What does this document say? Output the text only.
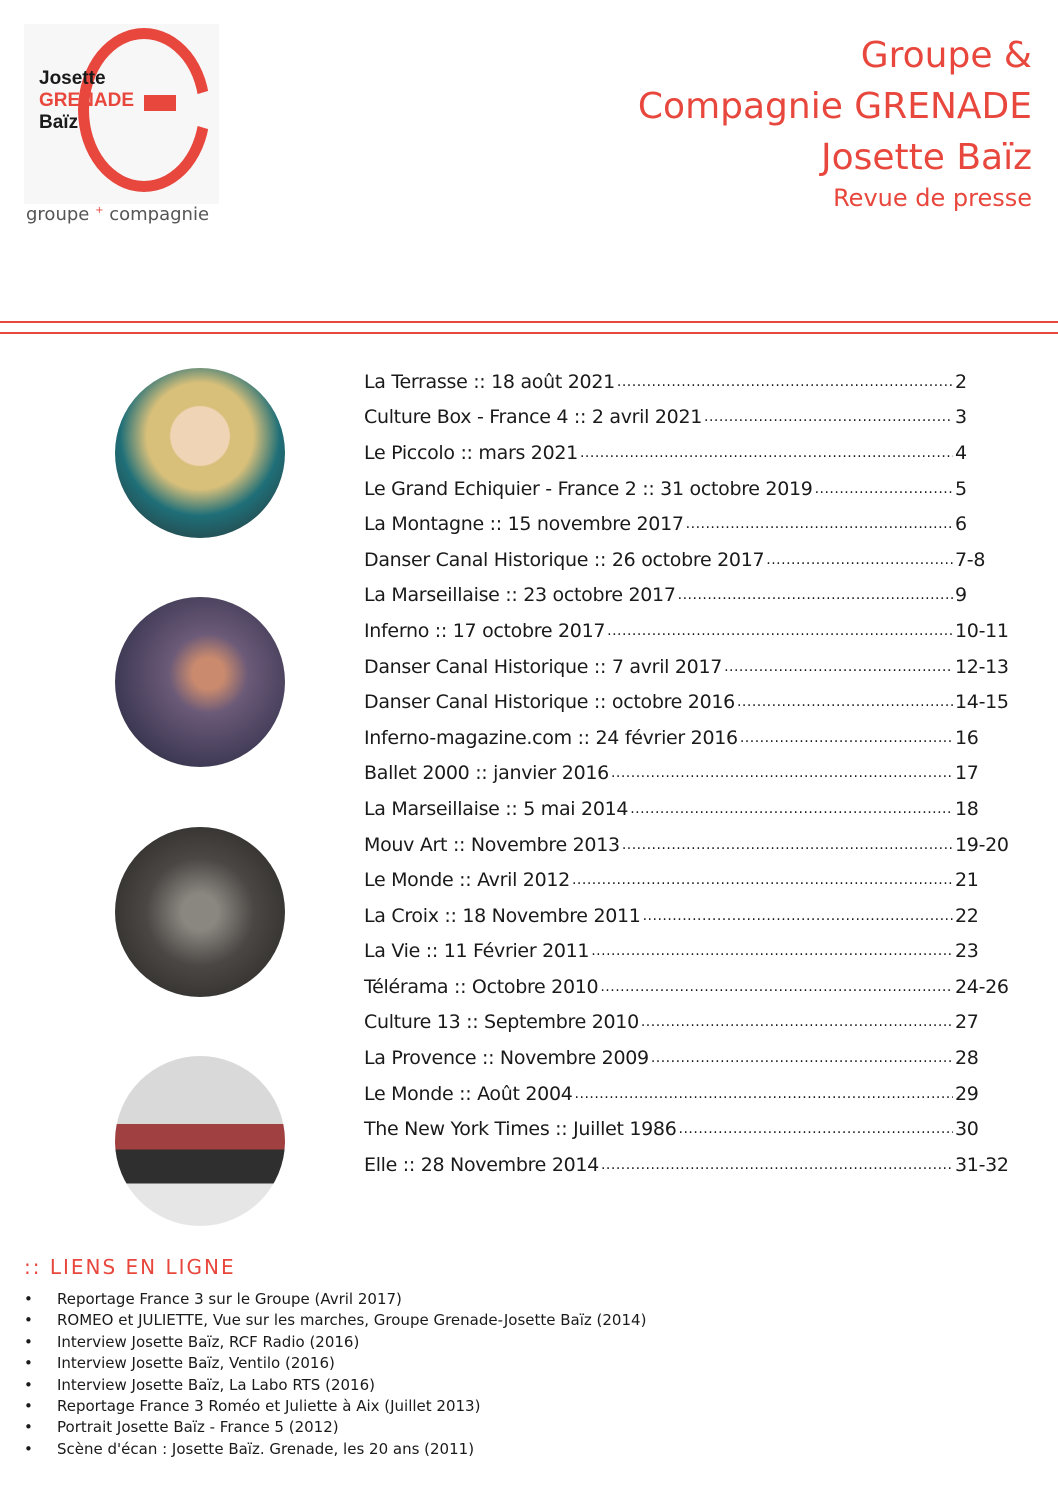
Josette
GRENADE
Baïz
groupe + compagnie
Groupe &
Compagnie GRENADE
Josette Baïz
Revue de presse
La Terrasse :: 18 août 2021 .....	2
Culture Box - France 4 :: 2 avril 2021 .....	3
Le Piccolo :: mars 2021 .....	4
Le Grand Echiquier - France 2 :: 31 octobre 2019 .....	5
La Montagne :: 15 novembre 2017 .....	6
Danser Canal Historique :: 26 octobre 2017 .....	7-8
La Marseillaise :: 23 octobre 2017 .....	9
Inferno :: 17 octobre 2017 .....	10-11
Danser Canal Historique :: 7 avril 2017 .....	12-13
Danser Canal Historique :: octobre 2016 .....	14-15
Inferno-magazine.com :: 24 février 2016 .....	16
Ballet 2000 :: janvier 2016 .....	17
La Marseillaise :: 5 mai 2014 .....	18
Mouv Art :: Novembre 2013 .....	19-20
Le Monde :: Avril 2012 .....	21
La Croix :: 18 Novembre 2011 .....	22
La Vie :: 11 Février 2011 .....	23
Télérama :: Octobre 2010 .....	24-26
Culture 13 :: Septembre 2010 .....	27
La Provence :: Novembre 2009 .....	28
Le Monde :: Août 2004 .....	29
The New York Times :: Juillet 1986 .....	30
Elle :: 28 Novembre 2014 .....	31-32
:: LIENS EN LIGNE
• Reportage France 3 sur le Groupe (Avril 2017)
• ROMEO et JULIETTE, Vue sur les marches, Groupe Grenade-Josette Baïz (2014)
• Interview Josette Baïz, RCF Radio (2016)
• Interview Josette Baïz, Ventilo (2016)
• Interview Josette Baïz, La Labo RTS (2016)
• Reportage France 3 Roméo et Juliette à Aix (Juillet 2013)
• Portrait Josette Baïz - France 5 (2012)
• Scène d'écan : Josette Baïz. Grenade, les 20 ans (2011)
